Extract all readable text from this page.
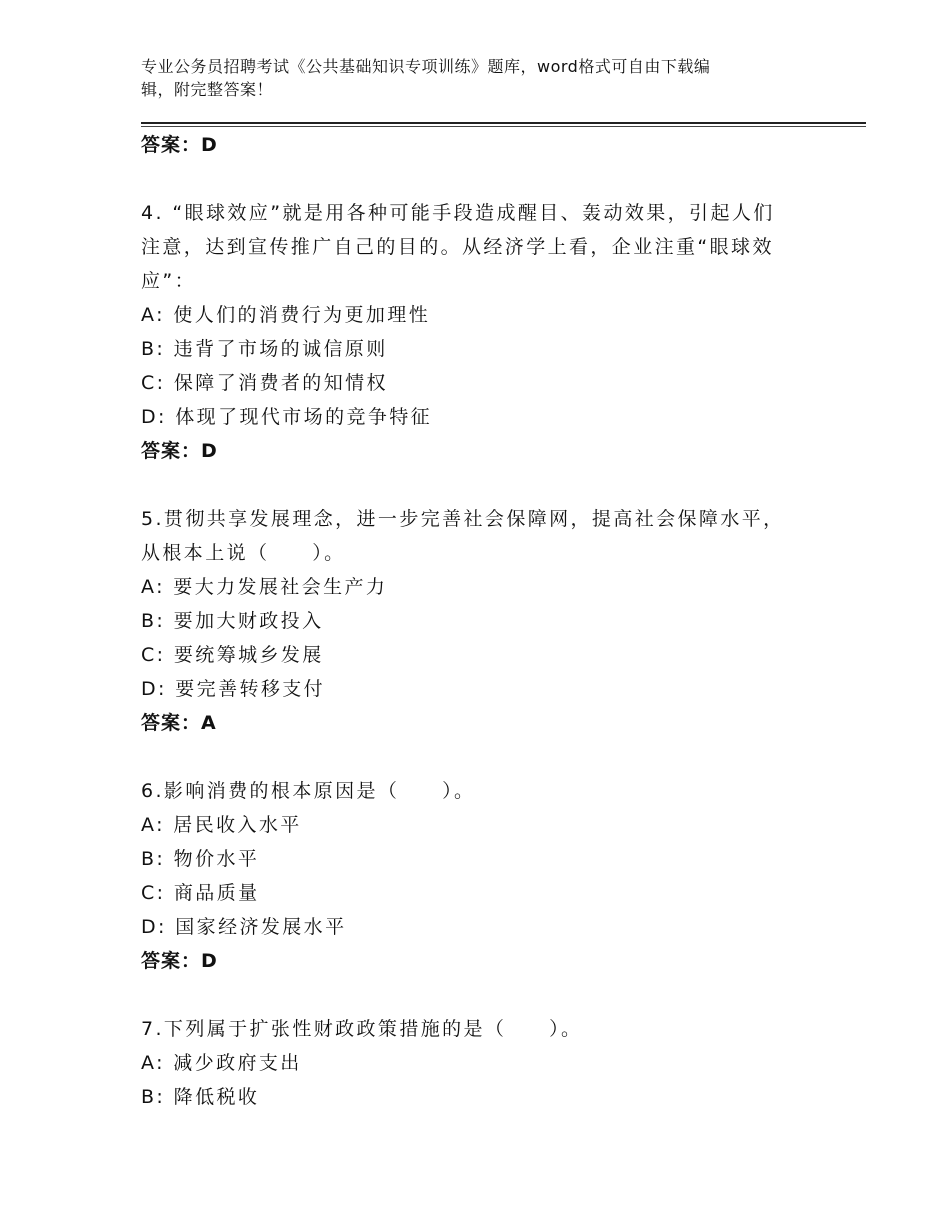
专业公务员招聘考试《公共基础知识专项训练》题库，word格式可自由下载编
辑，附完整答案！
答案：D
4. “眼球效应”就是用各种可能手段造成醒目、轰动效果，引起人们
注意，达到宣传推广自己的目的。从经济学上看，企业注重“眼球效
应”：
A: 使人们的消费行为更加理性
B: 违背了市场的诚信原则
C: 保障了消费者的知情权
D: 体现了现代市场的竞争特征
答案：D
5.贯彻共享发展理念，进一步完善社会保障网，提高社会保障水平，
从根本上说（　　）。
A: 要大力发展社会生产力
B: 要加大财政投入
C: 要统筹城乡发展
D: 要完善转移支付
答案：A
6.影响消费的根本原因是（　　）。
A: 居民收入水平
B: 物价水平
C: 商品质量
D: 国家经济发展水平
答案：D
7.下列属于扩张性财政政策措施的是（　　）。
A: 减少政府支出
B: 降低税收
